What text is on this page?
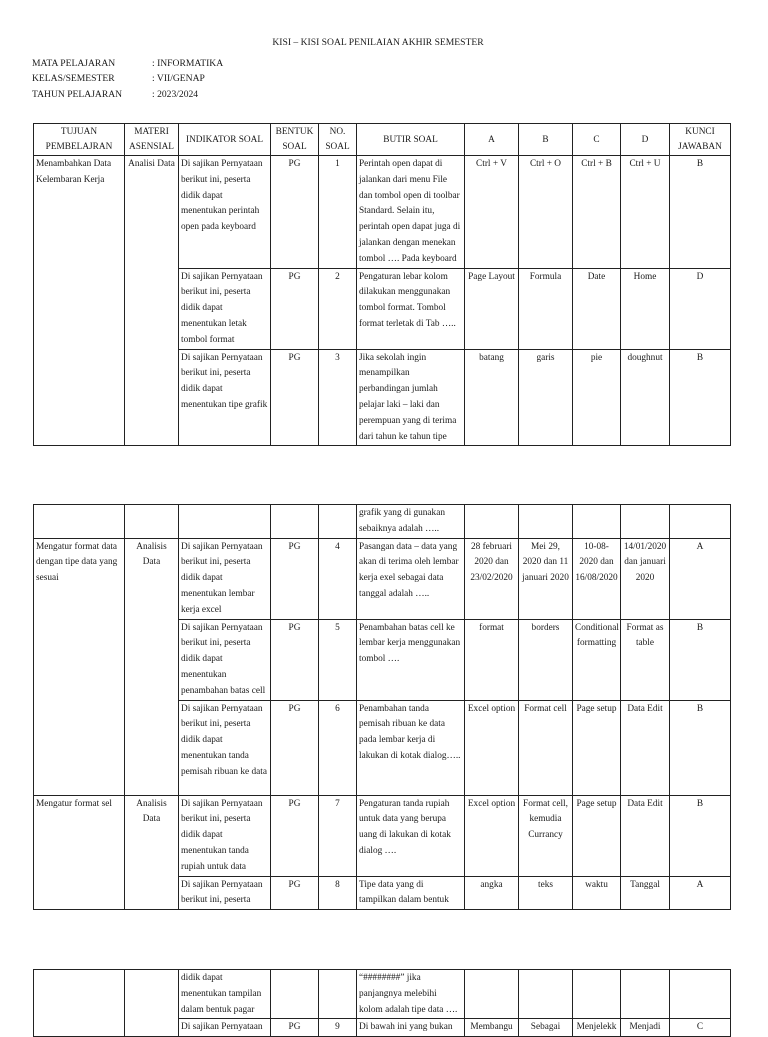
KISI – KISI SOAL PENILAIAN AKHIR SEMESTER
MATA PELAJARAN	: INFORMATIKA
KELAS/SEMESTER	: VII/GENAP
TAHUN PELAJARAN	: 2023/2024
TUJUAN PEMBELAJRAN	MATERI ASENSIAL	INDIKATOR SOAL	BENTUK SOAL	NO. SOAL	BUTIR SOAL	A	B	C	D	KUNCI JAWABAN
Menambahkan Data Kelembaran Kerja	Analisi Data	Di sajikan Pernyataan berikut ini, peserta didik dapat menentukan perintah open pada keyboard	PG	1	Perintah open dapat di jalankan dari menu File dan tombol open di toolbar Standard. Selain itu, perintah open dapat juga di jalankan dengan menekan tombol …. Pada keyboard	Ctrl + V	Ctrl + O	Ctrl + B	Ctrl + U	B
		Di sajikan Pernyataan berikut ini, peserta didik dapat menentukan letak tombol format	PG	2	Pengaturan lebar kolom dilakukan menggunakan tombol format. Tombol format terletak di Tab …..	Page Layout	Formula	Date	Home	D
		Di sajikan Pernyataan berikut ini, peserta didik dapat menentukan tipe grafik	PG	3	Jika sekolah ingin menampilkan perbandingan jumlah pelajar laki – laki dan perempuan yang di terima dari tahun ke tahun tipe	batang	garis	pie	doughnut	B
					grafik yang di gunakan sebaiknya adalah …..					
Mengatur format data dengan tipe data yang sesuai	Analisis Data	Di sajikan Pernyataan berikut ini, peserta didik dapat menentukan lembar kerja excel	PG	4	Pasangan data – data yang akan di terima oleh lembar kerja exel sebagai data tanggal adalah …..	28 februari 2020 dan 23/02/2020	Mei 29, 2020 dan 11 januari 2020	10-08-2020 dan 16/08/2020	14/01/2020 dan januari 2020	A
		Di sajikan Pernyataan berikut ini, peserta didik dapat menentukan penambahan batas cell	PG	5	Penambahan batas cell ke lembar kerja menggunakan tombol ….	format	borders	Conditional formatting	Format as table	B
		Di sajikan Pernyataan berikut ini, peserta didik dapat menentukan tanda pemisah ribuan ke data	PG	6	Penambahan tanda pemisah ribuan ke data pada lembar kerja di lakukan di kotak dialog…..	Excel option	Format cell	Page setup	Data Edit	B
Mengatur format sel	Analisis Data	Di sajikan Pernyataan berikut ini, peserta didik dapat menentukan tanda rupiah untuk data	PG	7	Pengaturan tanda rupiah untuk data yang berupa uang di lakukan di kotak dialog ….	Excel option	Format cell, kemudia Currancy	Page setup	Data Edit	B
		Di sajikan Pernyataan berikut ini, peserta	PG	8	Tipe data yang di tampilkan dalam bentuk	angka	teks	waktu	Tanggal	A
		didik dapat menentukan tampilan dalam bentuk pagar			“########” jika panjangnya melebihi kolom adalah tipe data ….					
		Di sajikan Pernyataan	PG	9	Di bawah ini yang bukan	Membangu	Sebagai	Menjelekk	Menjadi	C
